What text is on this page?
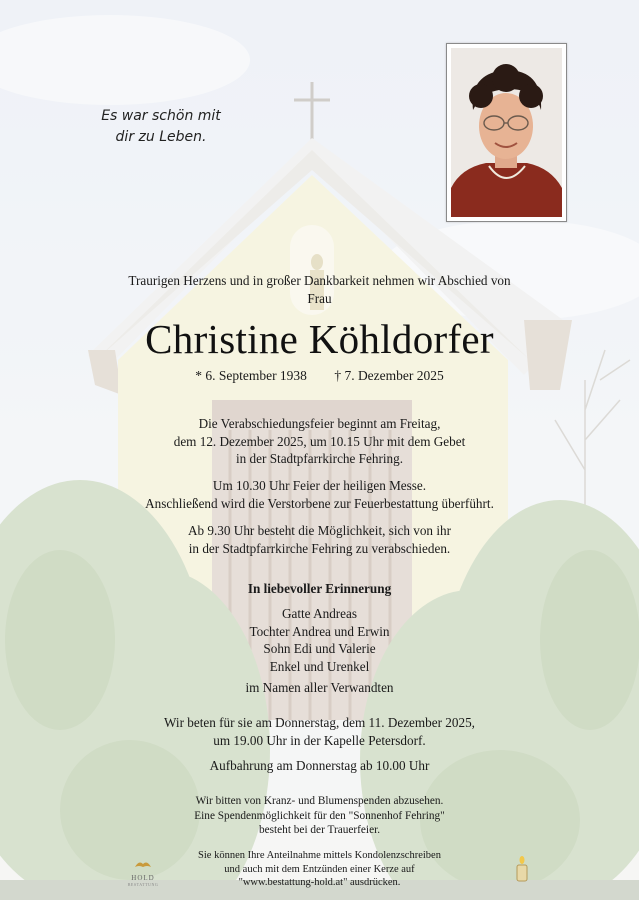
Es war schön mit
dir zu Leben.
Traurigen Herzens und in großer Dankbarkeit nehmen wir Abschied von
Frau
Christine Köhldorfer
* 6. September 1938 † 7. Dezember 2025
Die Verabschiedungsfeier beginnt am Freitag,
dem 12. Dezember 2025, um 10.15 Uhr mit dem Gebet
in der Stadtpfarrkirche Fehring.
Um 10.30 Uhr Feier der heiligen Messe.
Anschließend wird die Verstorbene zur Feuerbestattung überführt.
Ab 9.30 Uhr besteht die Möglichkeit, sich von ihr
in der Stadtpfarrkirche Fehring zu verabschieden.
In liebevoller Erinnerung
Gatte Andreas
Tochter Andrea und Erwin
Sohn Edi und Valerie
Enkel und Urenkel
im Namen aller Verwandten
Wir beten für sie am Donnerstag, dem 11. Dezember 2025,
um 19.00 Uhr in der Kapelle Petersdorf.
Aufbahrung am Donnerstag ab 10.00 Uhr
Wir bitten von Kranz- und Blumenspenden abzusehen.
Eine Spendenmöglichkeit für den "Sonnenhof Fehring"
besteht bei der Trauerfeier.
Sie können Ihre Anteilnahme mittels Kondolenzschreiben
und auch mit dem Entzünden einer Kerze auf
"www.bestattung-hold.at" ausdrücken.
HOLD
BESTATTUNG
